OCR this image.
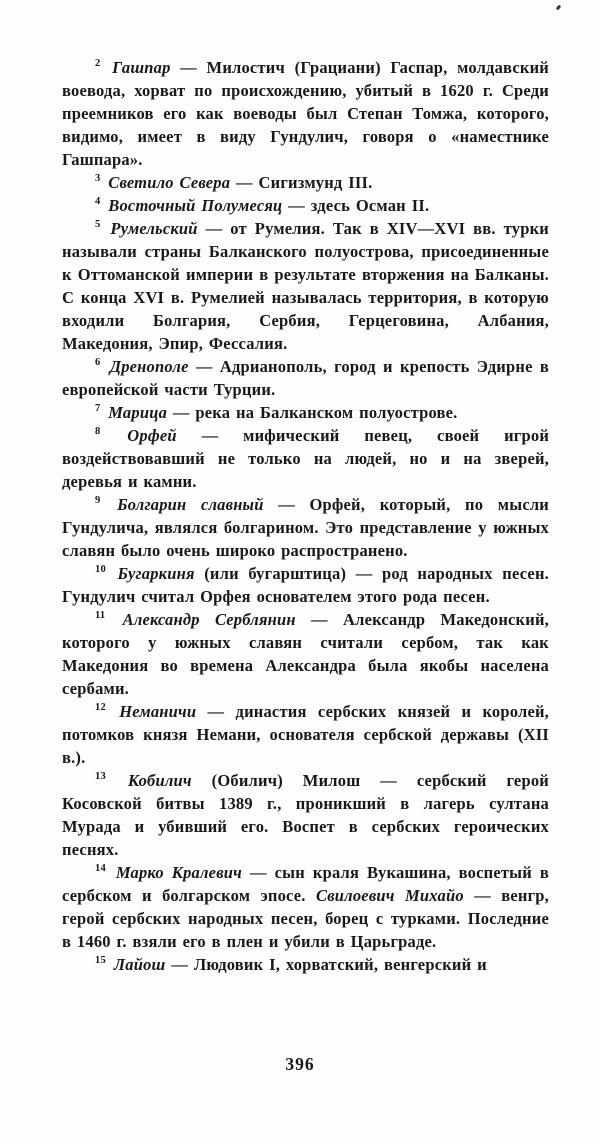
$^2$ Гашпар — Милостич (Грациани) Гаспар, молдавский воевода, хорват по происхождению, убитый в 1620 г. Среди преемников его как воеводы был Степан Томжа, которого, видимо, имеет в виду Гундулич, говоря о «наместнике Гашпара».

$^3$ Светило Севера — Сигизмунд III.

$^4$ Восточный Полумесяц — здесь Осман II.

$^5$ Румельский — от Румелия. Так в XIV—XVI вв. турки называли страны Балканского полуострова, присоединенные к Оттоманской империи в результате вторжения на Балканы. С конца XVI в. Румелией называлась территория, в которую входили Болгария, Сербия, Герцеговина, Албания, Македония, Эпир, Фессалия.

$^6$ Дренополе — Адрианополь, город и крепость Эдирне в европейской части Турции.

$^7$ Марица — река на Балканском полуострове.

$^8$ Орфей — мифический певец, своей игрой воздействовавший не только на людей, но и на зверей, деревья и камни.

$^9$ Болгарин славный — Орфей, который, по мысли Гундулича, являлся болгарином. Это представление у южных славян было очень широко распространено.

$^{10}$ Бугаркиня (или бугарштица) — род народных песен. Гундулич считал Орфея основателем этого рода песен.

$^{11}$ Александр Серблянин — Александр Македонский, которого у южных славян считали сербом, так как Македония во времена Александра была якобы населена сербами.

$^{12}$ Неманичи — династия сербских князей и королей, потомков князя Немани, основателя сербской державы (XII в.).

$^{13}$ Кобилич (Обилич) Милош — сербский герой Косовской битвы 1389 г., проникший в лагерь султана Мурада и убивший его. Воспет в сербских героических песнях.

$^{14}$ Марко Кралевич — сын краля Вукашина, воспетый в сербском и болгарском эпосе. Свилоевич Михайо — венгр, герой сербских народных песен, борец с турками. Последние в 1460 г. взяли его в плен и убили в Царьграде.

$^{15}$ Лайош — Людовик I, хорватский, венгерский и

396
